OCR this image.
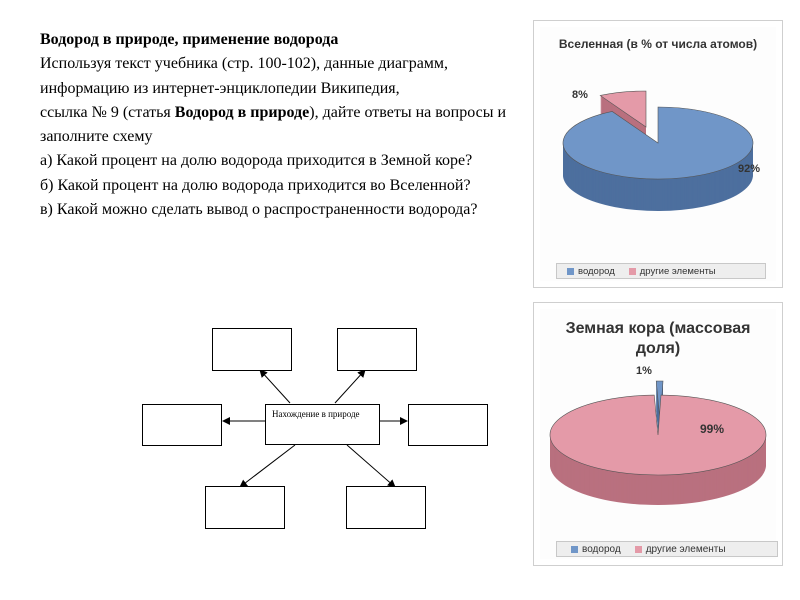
Водород в природе, применение водорода

Используя текст учебника (стр. 100-102), данные диаграмм, информацию из интернет-энциклопедии Википедия,

ссылка № 9 (статья Водород в природе), дайте ответы на вопросы и заполните схему

а) Какой процент на долю водорода приходится в Земной коре?

б) Какой процент на долю водорода приходится во Вселенной?

в) Какой можно сделать вывод о распространенности водорода?

Нахождение в природе
Вселенная (в % от числа атомов)
8%
92%
водород	другие элементы
Земная кора (массовая доля)
1%
99%
водород	другие элементы
